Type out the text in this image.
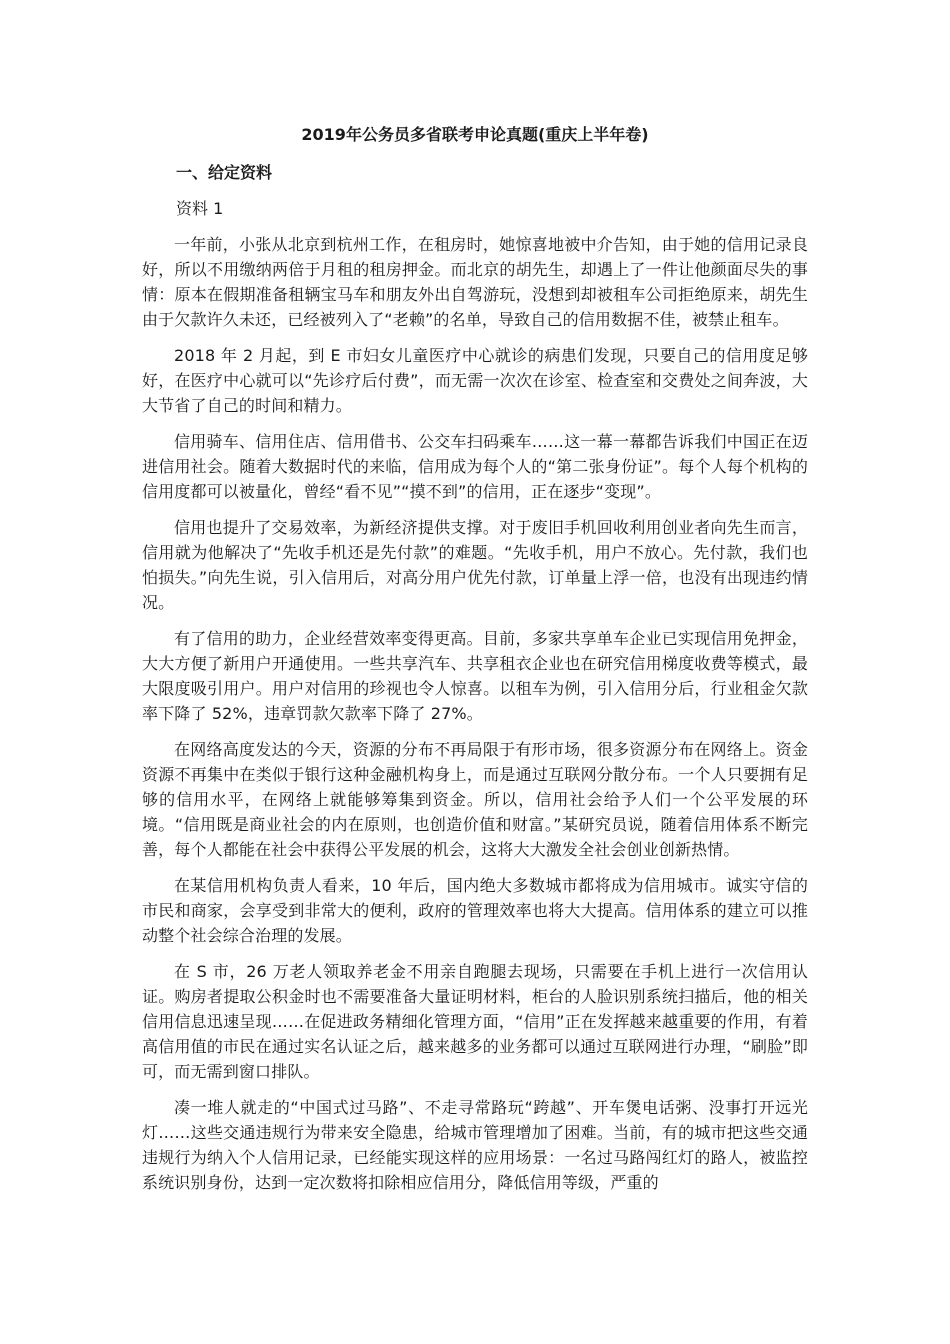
2019年公务员多省联考申论真题(重庆上半年卷)
一、给定资料
资料 1

一年前，小张从北京到杭州工作，在租房时，她惊喜地被中介告知，由于她的信用记录良好，所以不用缴纳两倍于月租的租房押金。而北京的胡先生，却遇上了一件让他颜面尽失的事情：原本在假期准备租辆宝马车和朋友外出自驾游玩，没想到却被租车公司拒绝原来，胡先生由于欠款许久未还，已经被列入了“老赖”的名单，导致自己的信用数据不佳，被禁止租车。

2018 年 2 月起，到 E 市妇女儿童医疗中心就诊的病患们发现，只要自己的信用度足够好，在医疗中心就可以“先诊疗后付费”，而无需一次次在诊室、检查室和交费处之间奔波，大大节省了自己的时间和精力。

信用骑车、信用住店、信用借书、公交车扫码乘车……这一幕一幕都告诉我们中国正在迈进信用社会。随着大数据时代的来临，信用成为每个人的“第二张身份证”。每个人每个机构的信用度都可以被量化，曾经“看不见”“摸不到”的信用，正在逐步“变现”。

信用也提升了交易效率，为新经济提供支撑。对于废旧手机回收利用创业者向先生而言，信用就为他解决了“先收手机还是先付款”的难题。“先收手机，用户不放心。先付款，我们也怕损失。”向先生说，引入信用后，对高分用户优先付款，订单量上浮一倍，也没有出现违约情况。

有了信用的助力，企业经营效率变得更高。目前，多家共享单车企业已实现信用免押金，大大方便了新用户开通使用。一些共享汽车、共享租衣企业也在研究信用梯度收费等模式，最大限度吸引用户。用户对信用的珍视也令人惊喜。以租车为例，引入信用分后，行业租金欠款率下降了 52%，违章罚款欠款率下降了 27%。

在网络高度发达的今天，资源的分布不再局限于有形市场，很多资源分布在网络上。资金资源不再集中在类似于银行这种金融机构身上，而是通过互联网分散分布。一个人只要拥有足够的信用水平，在网络上就能够筹集到资金。所以，信用社会给予人们一个公平发展的环境。“信用既是商业社会的内在原则，也创造价值和财富。”某研究员说，随着信用体系不断完善，每个人都能在社会中获得公平发展的机会，这将大大激发全社会创业创新热情。

在某信用机构负责人看来，10 年后，国内绝大多数城市都将成为信用城市。诚实守信的市民和商家，会享受到非常大的便利，政府的管理效率也将大大提高。信用体系的建立可以推动整个社会综合治理的发展。

在 S 市，26 万老人领取养老金不用亲自跑腿去现场，只需要在手机上进行一次信用认证。购房者提取公积金时也不需要准备大量证明材料，柜台的人脸识别系统扫描后，他的相关信用信息迅速呈现……在促进政务精细化管理方面，“信用”正在发挥越来越重要的作用，有着高信用值的市民在通过实名认证之后，越来越多的业务都可以通过互联网进行办理，“刷脸”即可，而无需到窗口排队。

凑一堆人就走的“中国式过马路”、不走寻常路玩“跨越”、开车煲电话粥、没事打开远光灯……这些交通违规行为带来安全隐患，给城市管理增加了困难。当前，有的城市把这些交通违规行为纳入个人信用记录，已经能实现这样的应用场景：一名过马路闯红灯的路人，被监控系统识别身份，达到一定次数将扣除相应信用分，降低信用等级，严重的
